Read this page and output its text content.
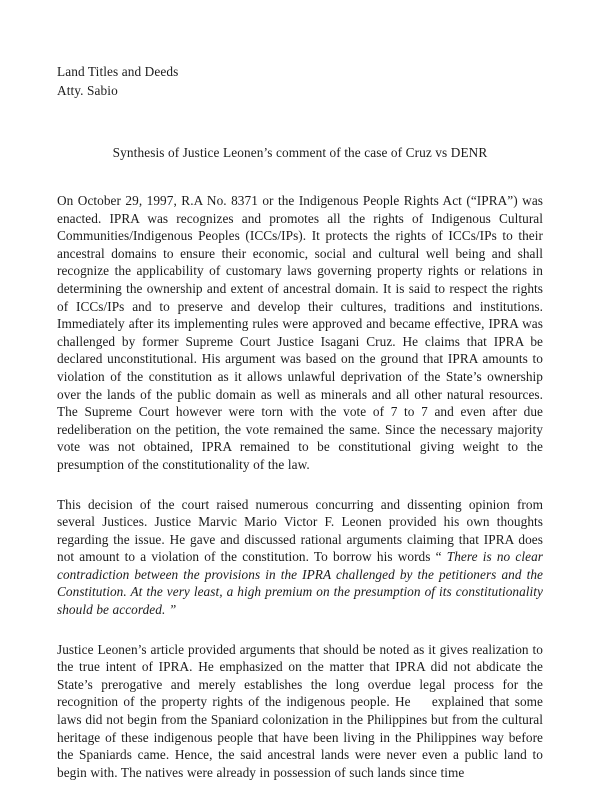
Land Titles and Deeds
Atty. Sabio
Synthesis of Justice Leonen’s comment of the case of Cruz vs DENR

On October 29, 1997, R.A No. 8371 or the Indigenous People Rights Act (“IPRA”) was enacted. IPRA was recognizes and promotes all the rights of Indigenous Cultural Communities/Indigenous Peoples (ICCs/IPs). It protects the rights of ICCs/IPs to their ancestral domains to ensure their economic, social and cultural well being and shall recognize the applicability of customary laws governing property rights or relations in determining the ownership and extent of ancestral domain. It is said to respect the rights of ICCs/IPs and to preserve and develop their cultures, traditions and institutions. Immediately after its implementing rules were approved and became effective, IPRA was challenged by former Supreme Court Justice Isagani Cruz. He claims that IPRA be declared unconstitutional. His argument was based on the ground that IPRA amounts to violation of the constitution as it allows unlawful deprivation of the State’s ownership over the lands of the public domain as well as minerals and all other natural resources. The Supreme Court however were torn with the vote of 7 to 7 and even after due redeliberation on the petition, the vote remained the same. Since the necessary majority vote was not obtained, IPRA remained to be constitutional giving weight to the presumption of the constitutionality of the law.

This decision of the court raised numerous concurring and dissenting opinion from several Justices. Justice Marvic Mario Victor F. Leonen provided his own thoughts regarding the issue. He gave and discussed rational arguments claiming that IPRA does not amount to a violation of the constitution. To borrow his words “ There is no clear contradiction between the provisions in the IPRA challenged by the petitioners and the Constitution. At the very least, a high premium on the presumption of its constitutionality should be accorded. ”

Justice Leonen’s article provided arguments that should be noted as it gives realization to the true intent of IPRA. He emphasized on the matter that IPRA did not abdicate the State’s prerogative and merely establishes the long overdue legal process for the recognition of the property rights of the indigenous people. He explained that some laws did not begin from the Spaniard colonization in the Philippines but from the cultural heritage of these indigenous people that have been living in the Philippines way before the Spaniards came. Hence, the said ancestral lands were never even a public land to begin with. The natives were already in possession of such lands since time
